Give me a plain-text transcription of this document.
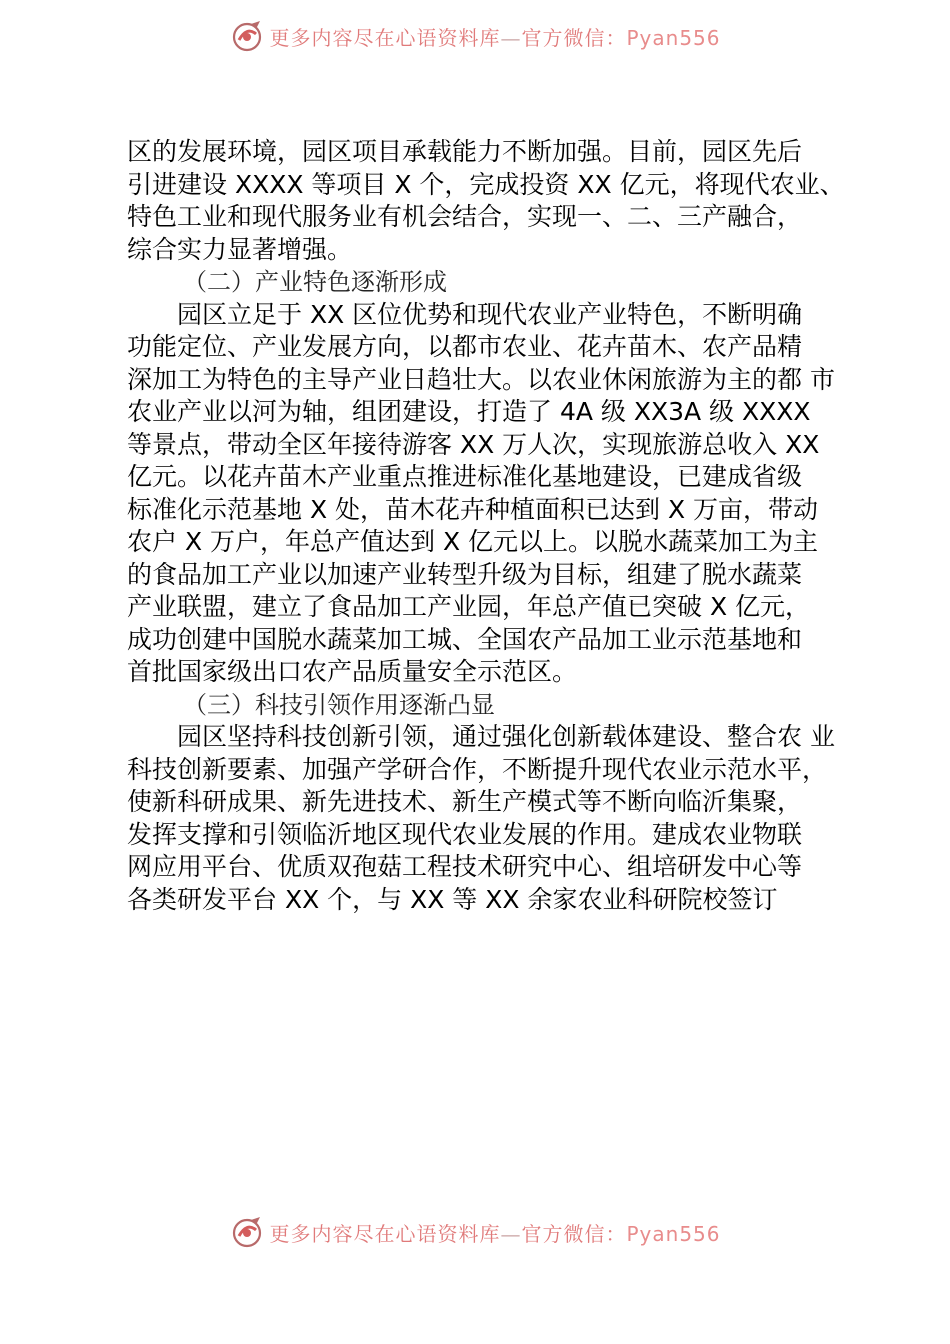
更多内容尽在心语资料库—官方微信：Pyan556
区的发展环境，园区项目承载能力不断加强。目前，园区先后
引进建设 XXXX 等项目 X 个，完成投资 XX 亿元，将现代农业、
特色工业和现代服务业有机会结合，实现一、二、三产融合，
综合实力显著增强。
（二）产业特色逐渐形成
园区立足于 XX 区位优势和现代农业产业特色，不断明确
功能定位、产业发展方向，以都市农业、花卉苗木、农产品精
深加工为特色的主导产业日趋壮大。以农业休闲旅游为主的都 市
农业产业以河为轴，组团建设，打造了 4A 级 XX3A 级 XXXX
等景点，带动全区年接待游客 XX 万人次，实现旅游总收入 XX
亿元。以花卉苗木产业重点推进标准化基地建设，已建成省级
标准化示范基地 X 处，苗木花卉种植面积已达到 X 万亩，带动
农户 X 万户，年总产值达到 X 亿元以上。以脱水蔬菜加工为主
的食品加工产业以加速产业转型升级为目标，组建了脱水蔬菜
产业联盟，建立了食品加工产业园，年总产值已突破 X 亿元，
成功创建中国脱水蔬菜加工城、全国农产品加工业示范基地和
首批国家级出口农产品质量安全示范区。
（三）科技引领作用逐渐凸显
园区坚持科技创新引领，通过强化创新载体建设、整合农 业
科技创新要素、加强产学研合作，不断提升现代农业示范水平，
使新科研成果、新先进技术、新生产模式等不断向临沂集聚，
发挥支撑和引领临沂地区现代农业发展的作用。建成农业物联
网应用平台、优质双孢菇工程技术研究中心、组培研发中心等
各类研发平台 XX 个，与 XX 等 XX 余家农业科研院校签订
更多内容尽在心语资料库—官方微信：Pyan556
